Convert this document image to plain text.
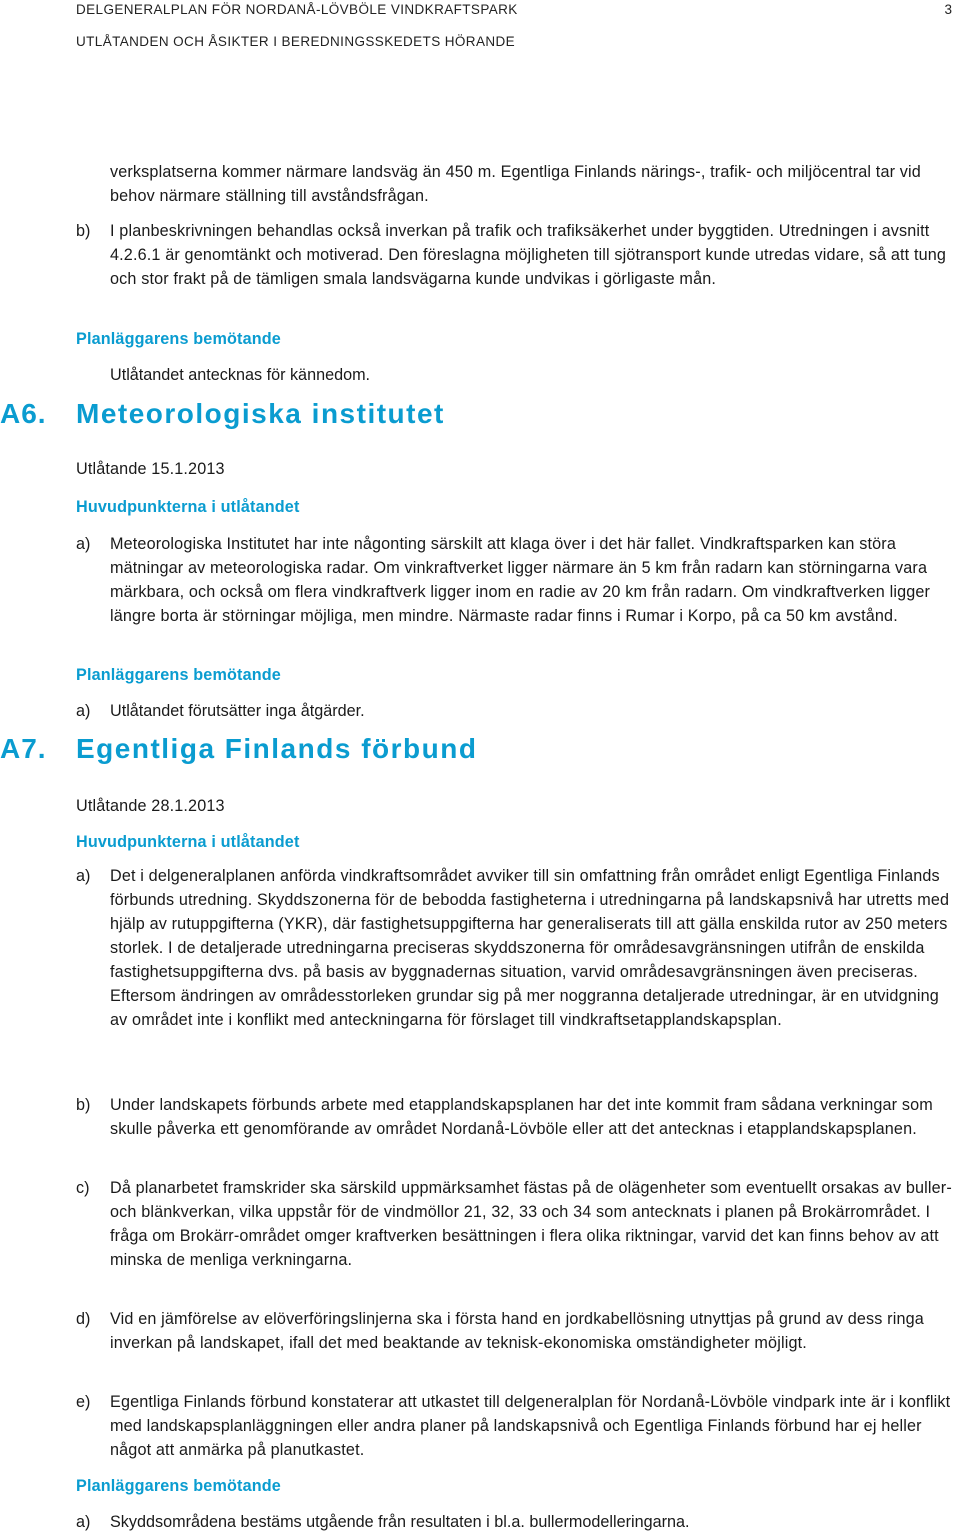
DELGENERALPLAN FÖR NORDANÅ-LÖVBÖLE VINDKRAFTSPARK
UTLÅTANDEN OCH ÅSIKTER I BEREDNINGSSKEDETS HÖRANDE
3

verksplatserna kommer närmare landsväg än 450 m. Egentliga Finlands närings-, trafik- och miljöcentral tar vid behov närmare ställning till avståndsfrågan.

b) I planbeskrivningen behandlas också inverkan på trafik och trafiksäkerhet under byggtiden. Utredningen i avsnitt 4.2.6.1 är genomtänkt och motiverad. Den föreslagna möjligheten till sjötransport kunde utredas vidare, så att tung och stor frakt på de tämligen smala landsvägarna kunde undvikas i görligaste mån.

Planläggarens bemötande
Utlåtandet antecknas för kännedom.
A6. Meteorologiska institutet
Utlåtande 15.1.2013
Huvudpunkterna i utlåtandet
a) Meteorologiska Institutet har inte någonting särskilt att klaga över i det här fallet. Vindkraftsparken kan störa mätningar av meteorologiska radar. Om vinkraftverket ligger närmare än 5 km från radarn kan störningarna vara märkbara, och också om flera vindkraftverk ligger inom en radie av 20 km från radarn. Om vindkraftverken ligger längre borta är störningar möjliga, men mindre. Närmaste radar finns i Rumar i Korpo, på ca 50 km avstånd.

Planläggarens bemötande
a) Utlåtandet förutsätter inga åtgärder.
A7. Egentliga Finlands förbund
Utlåtande 28.1.2013
Huvudpunkterna i utlåtandet
a) Det i delgeneralplanen anförda vindkraftsområdet avviker till sin omfattning från området enligt Egentliga Finlands förbunds utredning. Skyddszonerna för de bebodda fastigheterna i utredningarna på landskapsnivå har utretts med hjälp av rutuppgifterna (YKR), där fastighetsuppgifterna har generaliserats till att gälla enskilda rutor av 250 meters storlek. I de detaljerade utredningarna preciseras skyddszonerna för områdesavgränsningen utifrån de enskilda fastighetsuppgifterna dvs. på basis av byggnadernas situation, varvid områdesavgränsningen även preciseras. Eftersom ändringen av områdesstorleken grundar sig på mer noggranna detaljerade utredningar, är en utvidgning av området inte i konflikt med anteckningarna för förslaget till vindkraftsetapplandskapsplan.

b) Under landskapets förbunds arbete med etapplandskapsplanen har det inte kommit fram sådana verkningar som skulle påverka ett genomförande av området Nordanå-Lövböle eller att det antecknas i etapplandskapsplanen.

c) Då planarbetet framskrider ska särskild uppmärksamhet fästas på de olägenheter som eventuellt orsakas av buller- och blänkverkan, vilka uppstår för de vindmöllor 21, 32, 33 och 34 som antecknats i planen på Brokärrområdet. I fråga om Brokärr-området omger kraftverken besättningen i flera olika riktningar, varvid det kan finns behov av att minska de menliga verkningarna.

d) Vid en jämförelse av elöverföringslinjerna ska i första hand en jordkabellösning utnyttjas på grund av dess ringa inverkan på landskapet, ifall det med beaktande av teknisk-ekonomiska omständigheter möjligt.

e) Egentliga Finlands förbund konstaterar att utkastet till delgeneralplan för Nordanå-Lövböle vindpark inte är i konflikt med landskapsplanläggningen eller andra planer på landskapsnivå och Egentliga Finlands förbund har ej heller något att anmärka på planutkastet.

Planläggarens bemötande
a) Skyddsområdena bestäms utgående från resultaten i bl.a. bullermodelleringarna.
